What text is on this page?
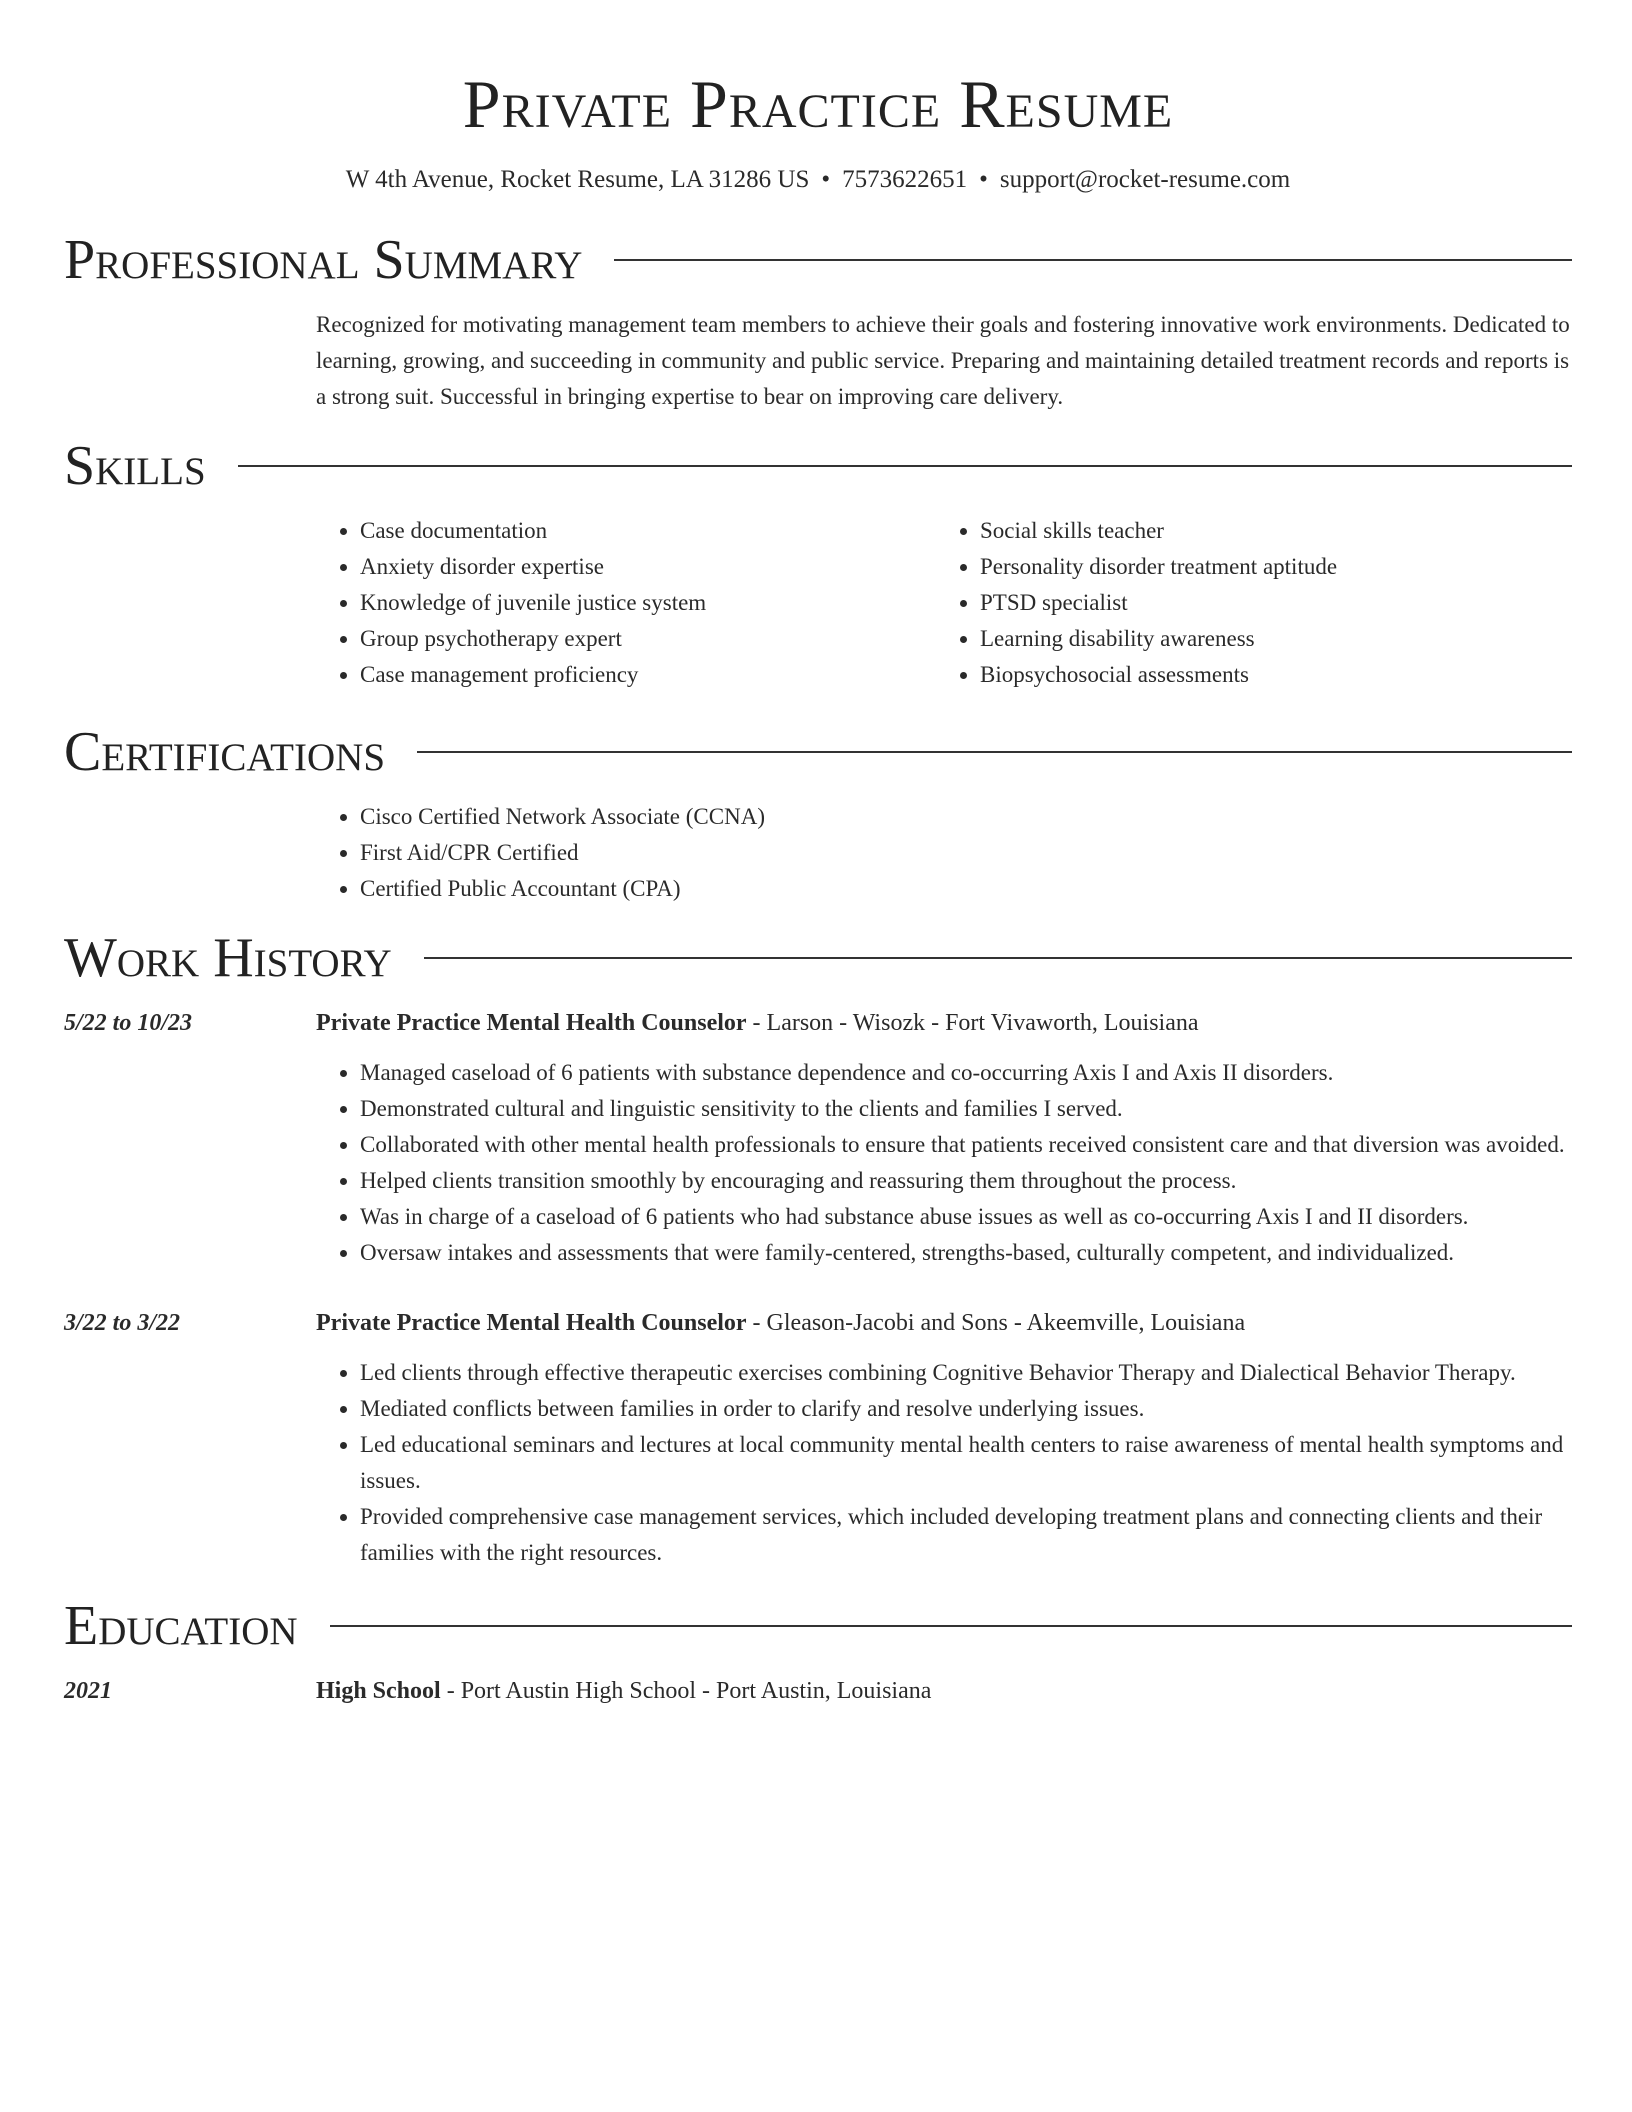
Private Practice Resume
W 4th Avenue, Rocket Resume, LA 31286 US • 7573622651 • support@rocket-resume.com
Professional Summary

Recognized for motivating management team members to achieve their goals and fostering innovative work environments. Dedicated to learning, growing, and succeeding in community and public service. Preparing and maintaining detailed treatment records and reports is a strong suit. Successful in bringing expertise to bear on improving care delivery.

Skills
• Case documentation
• Anxiety disorder expertise
• Knowledge of juvenile justice system
• Group psychotherapy expert
• Case management proficiency
• Social skills teacher
• Personality disorder treatment aptitude
• PTSD specialist
• Learning disability awareness
• Biopsychosocial assessments
Certifications
• Cisco Certified Network Associate (CCNA)
• First Aid/CPR Certified
• Certified Public Accountant (CPA)
Work History
5/22 to 10/23	Private Practice Mental Health Counselor - Larson - Wisozk - Fort Vivaworth, Louisiana
• Managed caseload of 6 patients with substance dependence and co-occurring Axis I and Axis II disorders.
• Demonstrated cultural and linguistic sensitivity to the clients and families I served.
• Collaborated with other mental health professionals to ensure that patients received consistent care and that diversion was avoided.
• Helped clients transition smoothly by encouraging and reassuring them throughout the process.
• Was in charge of a caseload of 6 patients who had substance abuse issues as well as co-occurring Axis I and II disorders.
• Oversaw intakes and assessments that were family-centered, strengths-based, culturally competent, and individualized.
3/22 to 3/22	Private Practice Mental Health Counselor - Gleason-Jacobi and Sons - Akeemville, Louisiana
• Led clients through effective therapeutic exercises combining Cognitive Behavior Therapy and Dialectical Behavior Therapy.
• Mediated conflicts between families in order to clarify and resolve underlying issues.
• Led educational seminars and lectures at local community mental health centers to raise awareness of mental health symptoms and issues.
• Provided comprehensive case management services, which included developing treatment plans and connecting clients and their families with the right resources.
Education
2021	High School - Port Austin High School - Port Austin, Louisiana
